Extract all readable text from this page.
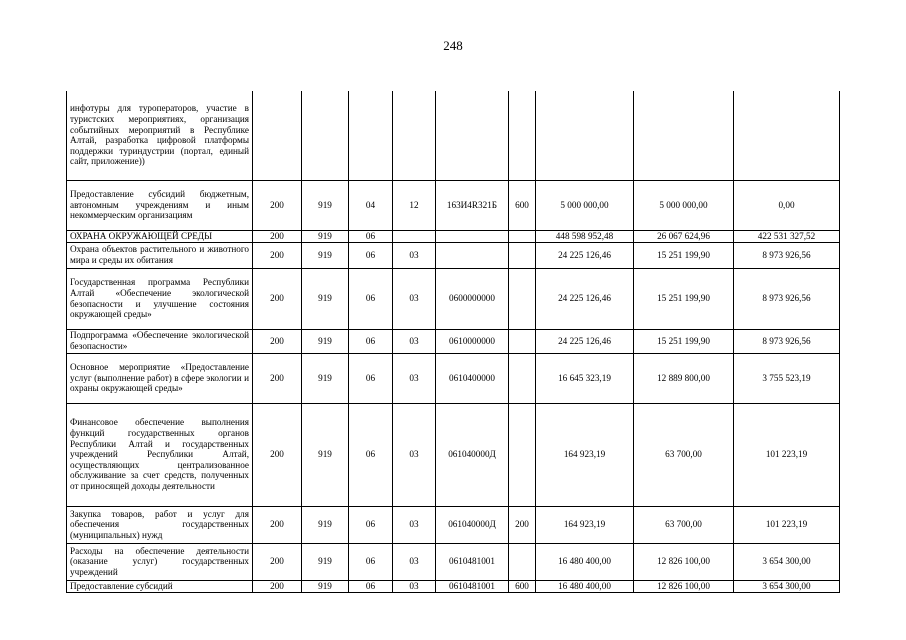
248
инфотуры для туроператоров, участие в туристских мероприятиях, организация событийных мероприятий в Республике Алтай, разработка цифровой платформы поддержки туриндустрии (портал, единый сайт, приложение))									
Предоставление субсидий бюджетным, автономным учреждениям и иным некоммерческим организациям	200	919	04	12	163И4R321Б	600	5 000 000,00	5 000 000,00	0,00
ОХРАНА ОКРУЖАЮЩЕЙ СРЕДЫ	200	919	06				448 598 952,48	26 067 624,96	422 531 327,52
Охрана объектов растительного и животного мира и среды их обитания	200	919	06	03			24 225 126,46	15 251 199,90	8 973 926,56
Государственная программа Республики Алтай «Обеспечение экологической безопасности и улучшение состояния окружающей среды»	200	919	06	03	0600000000		24 225 126,46	15 251 199,90	8 973 926,56
Подпрограмма «Обеспечение экологической безопасности»	200	919	06	03	0610000000		24 225 126,46	15 251 199,90	8 973 926,56
Основное мероприятие «Предоставление услуг (выполнение работ) в сфере экологии и охраны окружающей среды»	200	919	06	03	0610400000		16 645 323,19	12 889 800,00	3 755 523,19
Финансовое обеспечение выполнения функций государственных органов Республики Алтай и государственных учреждений Республики Алтай, осуществляющих централизованное обслуживание за счет средств, полученных от приносящей доходы деятельности	200	919	06	03	061040000Д		164 923,19	63 700,00	101 223,19
Закупка товаров, работ и услуг для обеспечения государственных (муниципальных) нужд	200	919	06	03	061040000Д	200	164 923,19	63 700,00	101 223,19
Расходы на обеспечение деятельности (оказание услуг) государственных учреждений	200	919	06	03	0610481001		16 480 400,00	12 826 100,00	3 654 300,00
Предоставление субсидий	200	919	06	03	0610481001	600	16 480 400,00	12 826 100,00	3 654 300,00
